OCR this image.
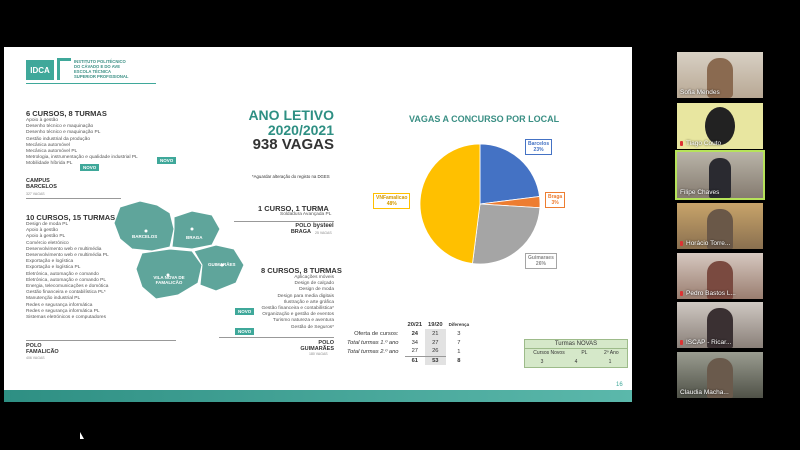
IDCA
INSTITUTO POLITÉCNICO
DO CÁVADO E DO AVE
ESCOLA TÉCNICA
SUPERIOR PROFISSIONAL
6 CURSOS, 8 TURMAS
Apoio à gestão
Desenho técnico e maquinação
Desenho técnico e maquinação PL
Gestão industrial da produção
Mecânica automóvel
Mecânica automóvel PL
Metrologia, instrumentação e qualidade industrial PL
Mobilidade híbrida PL
NOVO
NOVO
CAMPUS BARCELOS
327 VAGAS
10 CURSOS, 15 TURMAS
Design de moda PL
Apoio à gestão
Apoio à gestão PL
Comércio eletrónico
Desenvolvimento web e multimédia
Desenvolvimento web e multimédia PL
Exportação e logística
Exportação e logística PL
Eletrónica, automação e comando
Eletrónica, automação e comando PL
Energia, telecomunicações e domótica
Gestão financeira e contabilística PL*
Manutenção industrial PL
Redes e segurança informática
Redes e segurança informática PL
Sistemas eletrónicos e computadores
POLO FAMALICÃO
406 VAGAS
ANO LETIVO
2020/2021
938 VAGAS
*Aguardar alteração do registo na DGES
BARCELOS	BRAGA
VILA NOVA DE FAMALICÃO
GUIMARÃES
1 CURSO, 1 TURMA
Soldadura Avançada PL
POLO BRAGA
bysteel
25 VAGAS
8 CURSOS, 8 TURMAS
Aplicações móveis
Design de calçado
Design de moda
Design para media digitais
Ilustração e arte gráfica
Gestão financeira e contabilística*
Organização e gestão de eventos
Turismo natureza e aventura
Gestão de Seguros*
NOVO
NOVO
POLO GUIMARÃES
180 VAGAS
VAGAS A CONCURSO POR LOCAL
Barcelos
23%
Braga
3%
Guimaraes
26%
VNFamalicao
48%
	20/21	19/20	Diferença
Oferta de cursos:	24	21	3
Total turmas 1.º ano	34	27	7
Total turmas 2.º ano	27	26	1
	61	53	8
Turmas NOVAS
Cursos Novos	PL	2º Ano
3	4	1
16
Sofia Mendes
Tiago Couto
Filipe Chaves
Horácio Torre...
Pedro Bastos L...
ISCAP - Ricar...
Claudia Macha...
